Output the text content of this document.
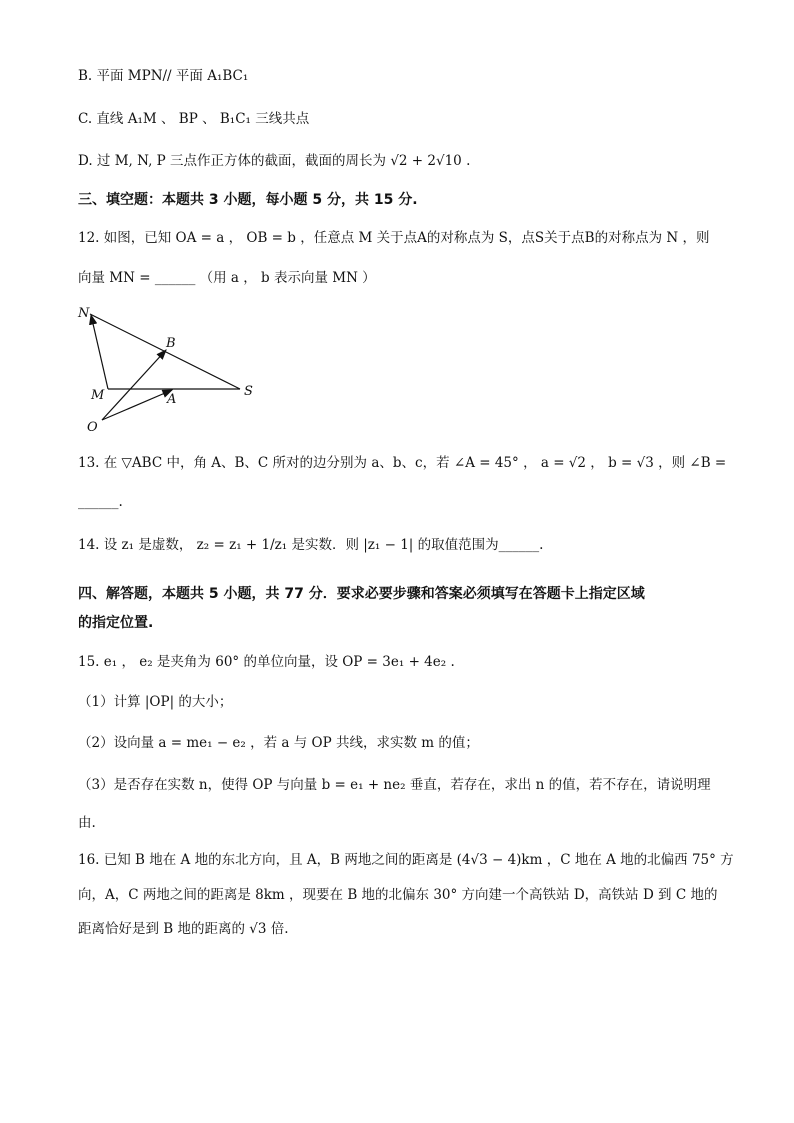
B. 平面 MPN// 平面 A₁BC₁
C. 直线 A₁M 、 BP 、 B₁C₁ 三线共点
D. 过 M, N, P 三点作正方体的截面，截面的周长为 √2 + 2√10 .
三、填空题：本题共 3 小题，每小题 5 分，共 15 分.
12. 如图，已知 OA = a ， OB = b ，任意点 M 关于点A的对称点为 S，点S关于点B的对称点为 N ，则
向量 MN = ______ （用 a ， b 表示向量 MN ）
N
B
M	A
S
O
13. 在 ▽ABC 中，角 A、B、C 所对的边分别为 a、b、c，若 ∠A = 45° ， a = √2 ， b = √3 ，则 ∠B =
______.
14. 设 z₁ 是虚数， z₂ = z₁ + 1/z₁ 是实数．则 |z₁ − 1| 的取值范围为______.
四、解答题，本题共 5 小题，共 77 分．要求必要步骤和答案必须填写在答题卡上指定区域
的指定位置.
15. e₁ ， e₂ 是夹角为 60° 的单位向量，设 OP = 3e₁ + 4e₂ .
（1）计算 |OP| 的大小；
（2）设向量 a = me₁ − e₂ ，若 a 与 OP 共线，求实数 m 的值；
（3）是否存在实数 n，使得 OP 与向量 b = e₁ + ne₂ 垂直，若存在，求出 n 的值，若不存在，请说明理
由.
16. 已知 B 地在 A 地的东北方向，且 A，B 两地之间的距离是 (4√3 − 4)km ，C 地在 A 地的北偏西 75° 方
向，A，C 两地之间的距离是 8km ，现要在 B 地的北偏东 30° 方向建一个高铁站 D，高铁站 D 到 C 地的
距离恰好是到 B 地的距离的 √3 倍.
